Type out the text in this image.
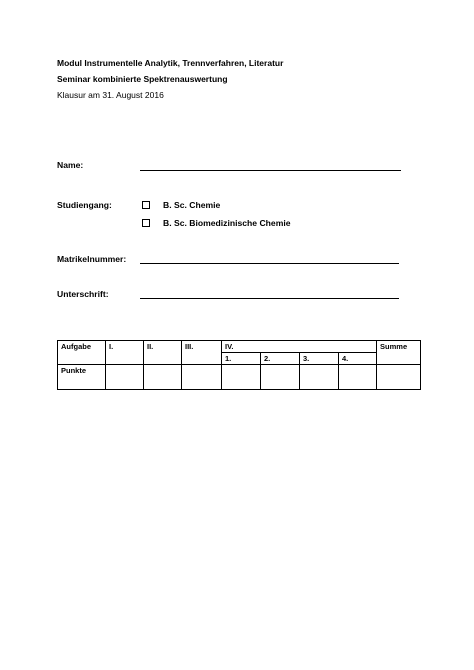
Modul Instrumentelle Analytik, Trennverfahren, Literatur
Seminar kombinierte Spektrenauswertung
Klausur am 31. August 2016
Name:
Studiengang:	B. Sc. Chemie
B. Sc. Biomedizinische Chemie
Matrikelnummer:
Unterschrift:
Aufgabe	I.	II.	III.	IV.				Summe
				1.	2.	3.	4.	
Punkte								
